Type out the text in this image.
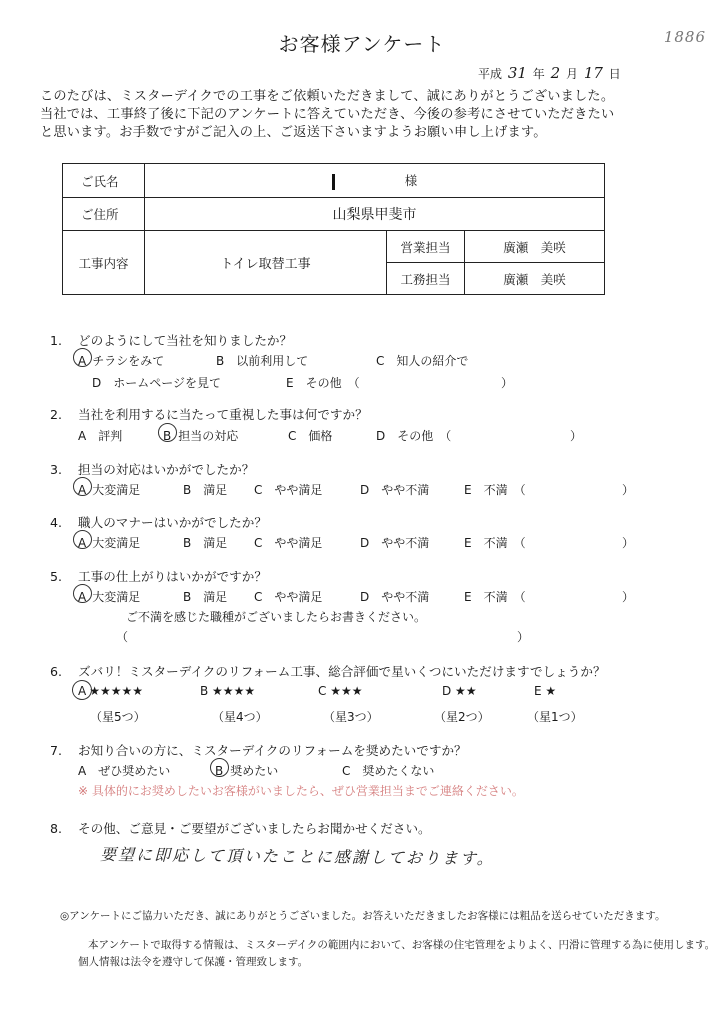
お客様アンケート	1886
平成 31 年 2 月 17 日
このたびは、ミスターデイクでの工事をご依頼いただきまして、誠にありがとうございました。
当社では、工事終了後に下記のアンケートに答えていただき、今後の参考にさせていただきたい
と思います。お手数ですがご記入の上、ご返送下さいますようお願い申し上げます。
ご氏名	様		
ご住所	山梨県甲斐市		
工事内容	トイレ取替工事	営業担当	廣瀬　美咲
		工務担当	廣瀬　美咲
1. どのようにして当社を知りましたか？
A チラシをみて	B　以前利用して	C　知人の紹介で
D　ホームページを見て	E　その他　（	）
2. 当社を利用するに当たって重視した事は何ですか？
A　評判	B 担当の対応	C　価格	D　その他　（	）
3. 担当の対応はいかがでしたか？
A 大変満足	B　満足 C　やや満足	D　やや不満	E　不満　（	）
4. 職人のマナーはいかがでしたか？
A 大変満足	B　満足 C　やや満足	D　やや不満	E　不満　（	）
5. 工事の仕上がりはいかがですか？
A 大変満足	B　満足 C　やや満足	D　やや不満	E　不満　（	）
ご不満を感じた職種がございましたらお書きください。
（	）
6. ズバリ！ミスターデイクのリフォーム工事、総合評価で星いくつにいただけますでしょうか？
A ★★★★★	B ★★★★	C ★★★	D ★★	E ★
（星5つ）	（星4つ）	（星3つ）	（星2つ）	（星1つ）
7. お知り合いの方に、ミスターデイクのリフォームを奨めたいですか？
A　ぜひ奨めたい	B 奨めたい	C　奨めたくない
※ 具体的にお奨めしたいお客様がいましたら、ぜひ営業担当までご連絡ください。
8. その他、ご意見・ご要望がございましたらお聞かせください。
要望に即応して頂いたことに感謝しております。
◎アンケートにご協力いただき、誠にありがとうございました。お答えいただきましたお客様には粗品を送らせていただきます。
本アンケートで取得する情報は、ミスターデイクの範囲内において、お客様の住宅管理をよりよく、円滑に管理する為に使用します。
個人情報は法令を遵守して保護・管理致します。
